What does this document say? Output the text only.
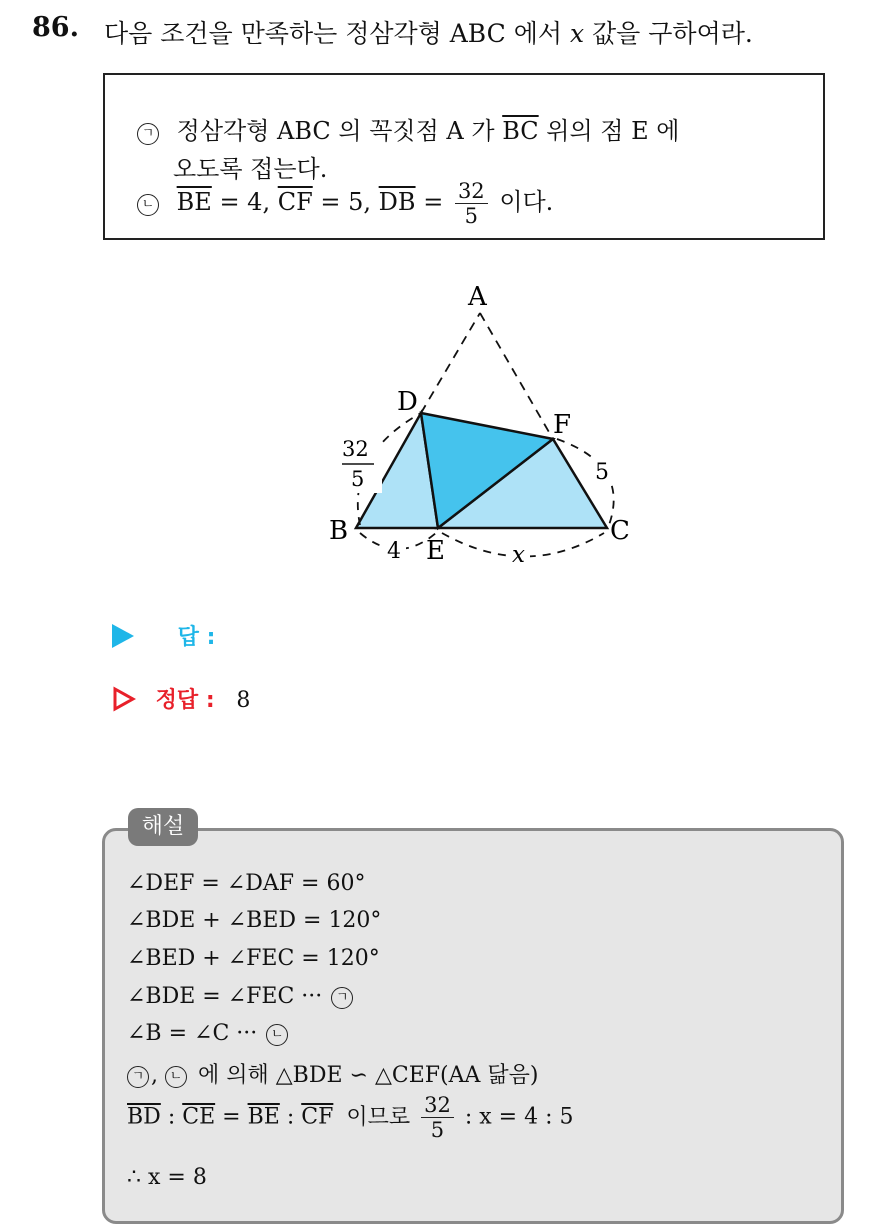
86. 다음 조건을 만족하는 정삼각형 ABC 에서 x 값을 구하여라.
ㄱ 정삼각형 ABC 의 꼭짓점 A 가 $\overline{BC}$ 위의 점 E 에
오도록 접는다.
ㄴ $\overline{BE} = 4$, $\overline{CF} = 5$, $\overline{DB} = \frac{32}{5}$ 이다.
A
B	C
D
E
F
4
5
x
32
5
답 :
정답 : 8
∠DEF = ∠DAF = 60°
∠BDE + ∠BED = 120°
∠BED + ∠FEC = 120°
∠BDE = ∠FEC ··· ㄱ
∠B = ∠C ··· ㄴ
ㄱ , ㄴ 에 의해 △BDE ∽ △CEF(AA 닮음)
$\overline{BD}$ : $\overline{CE} = \overline{BE}$ : $\overline{CF}$ 이므로 $\frac{32}{5}$ : x = 4 : 5
∴ x = 8
해설
